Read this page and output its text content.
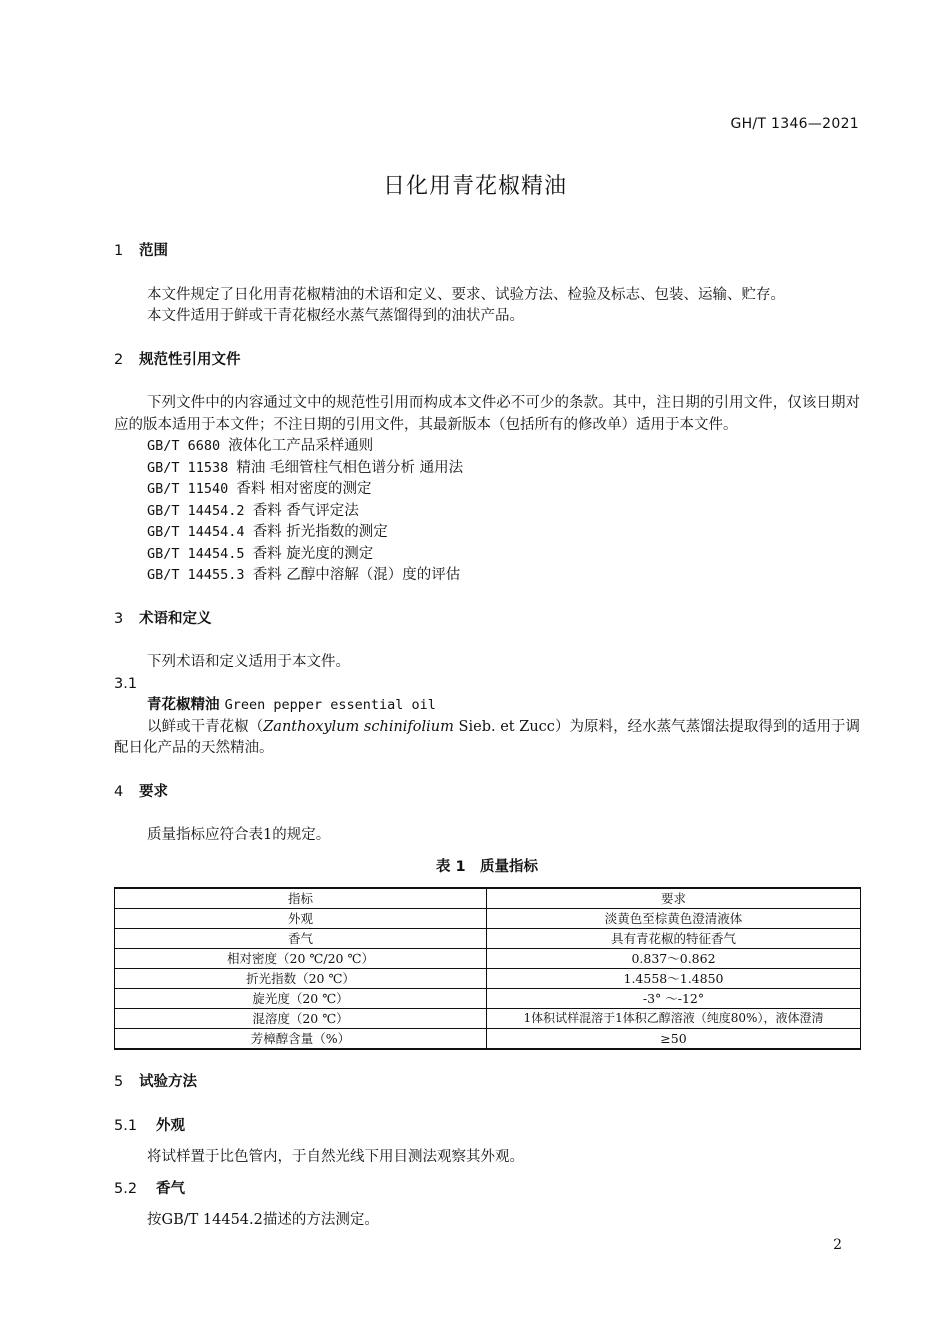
GH/T 1346—2021
日化用青花椒精油
1 范围

本文件规定了日化用青花椒精油的术语和定义、要求、试验方法、检验及标志、包装、运输、贮存。

本文件适用于鲜或干青花椒经水蒸气蒸馏得到的油状产品。

2 规范性引用文件

下列文件中的内容通过文中的规范性引用而构成本文件必不可少的条款。其中，注日期的引用文件，仅该日期对应的版本适用于本文件；不注日期的引用文件，其最新版本（包括所有的修改单）适用于本文件。

GB/T 6680 液体化工产品采样通则

GB/T 11538 精油 毛细管柱气相色谱分析 通用法

GB/T 11540 香料 相对密度的测定

GB/T 14454.2 香料 香气评定法

GB/T 14454.4 香料 折光指数的测定

GB/T 14454.5 香料 旋光度的测定

GB/T 14455.3 香料 乙醇中溶解（混）度的评估

3 术语和定义

下列术语和定义适用于本文件。

3.1

青花椒精油 Green pepper essential oil

以鲜或干青花椒（Zanthoxylum schinifolium Sieb. et Zucc）为原料，经水蒸气蒸馏法提取得到的适用于调配日化产品的天然精油。

4 要求

质量指标应符合表1的规定。

表 1　质量指标

指标	要求
外观	淡黄色至棕黄色澄清液体
香气	具有青花椒的特征香气
相对密度（20 ℃/20 ℃）	0.837～0.862
折光指数（20 ℃）	1.4558～1.4850
旋光度（20 ℃）	-3° ～-12°
混溶度（20 ℃）	1体积试样混溶于1体积乙醇溶液（纯度80%），液体澄清
芳樟醇含量（%）	≥50
5 试验方法
5.1 外观

将试样置于比色管内，于自然光线下用目测法观察其外观。

5.2 香气

按GB/T 14454.2描述的方法测定。

2
